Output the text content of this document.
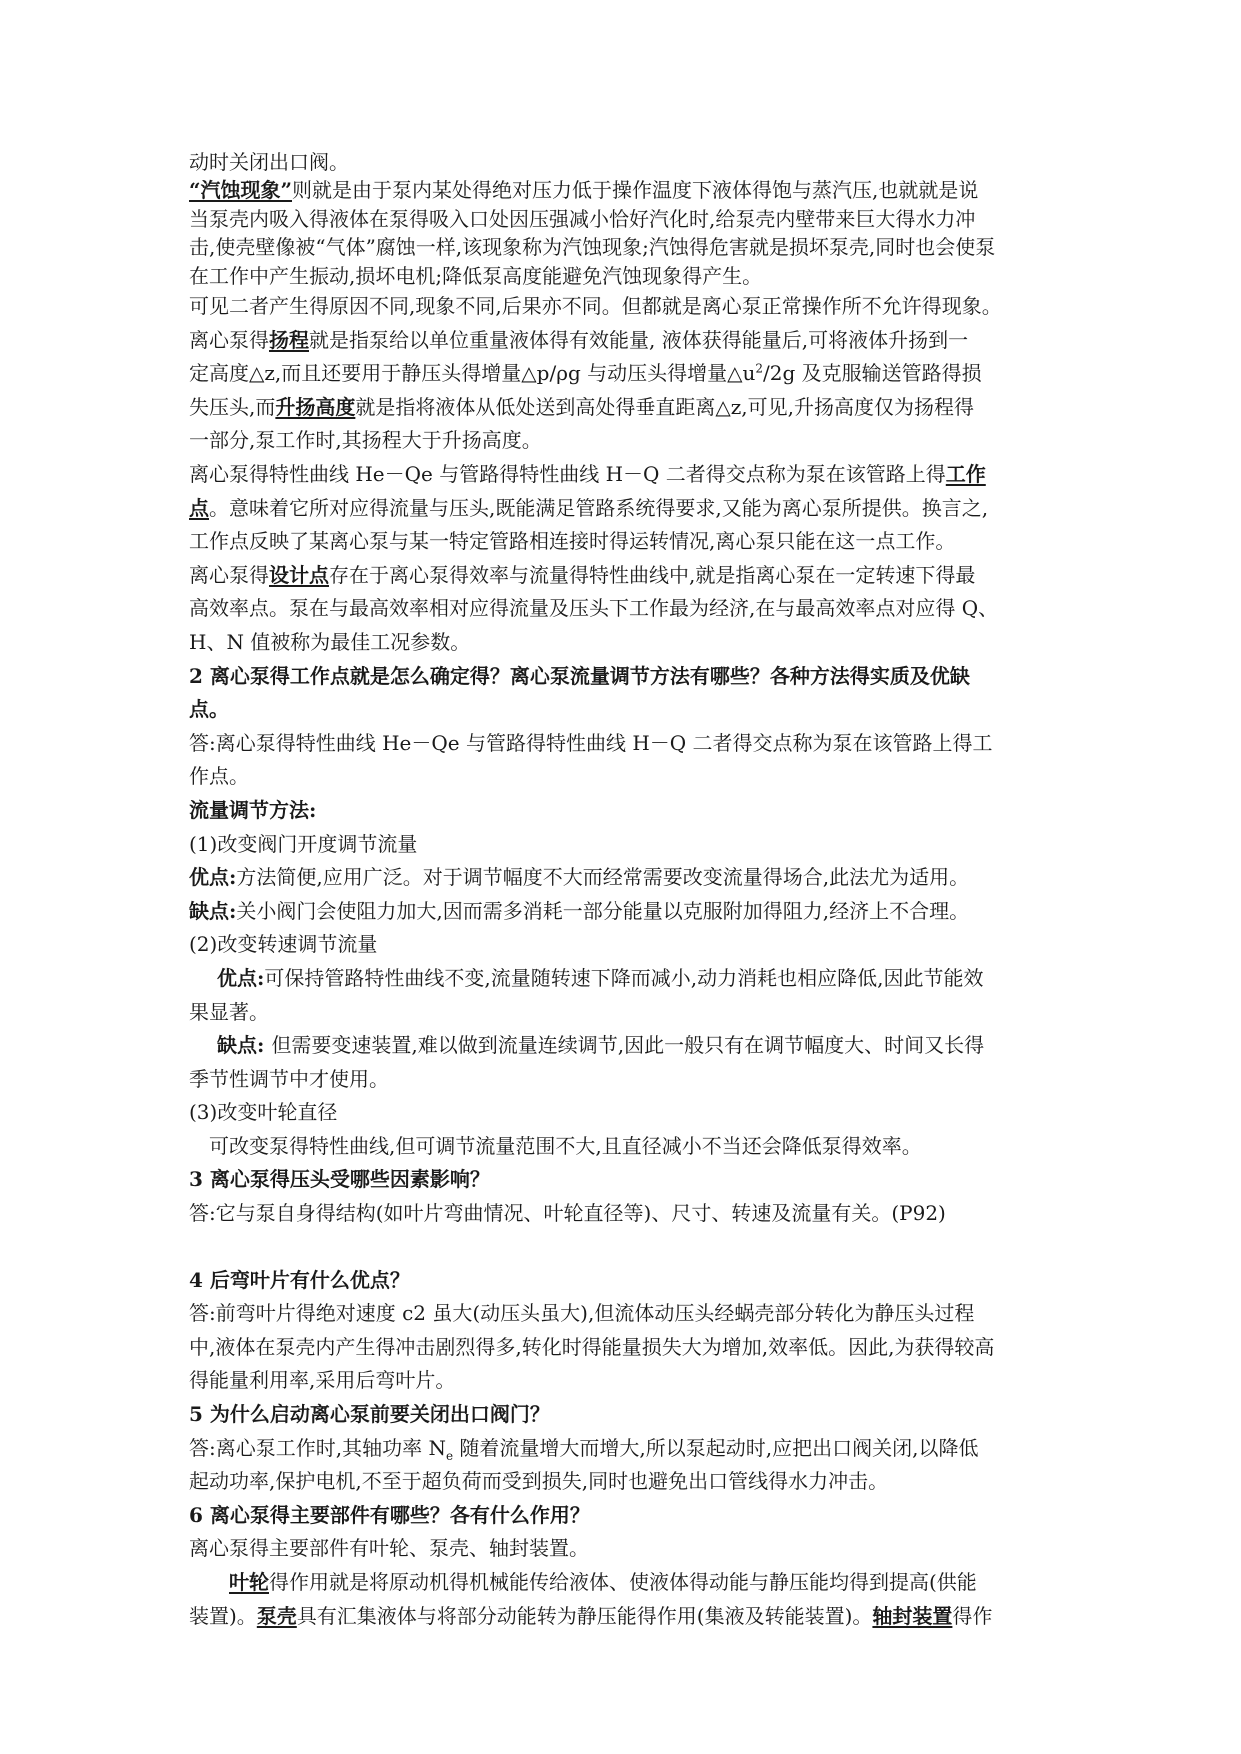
动时关闭出口阀。

“汽蚀现象”则就是由于泵内某处得绝对压力低于操作温度下液体得饱与蒸汽压,也就就是说

当泵壳内吸入得液体在泵得吸入口处因压强减小恰好汽化时,给泵壳内壁带来巨大得水力冲

击,使壳壁像被“气体”腐蚀一样,该现象称为汽蚀现象;汽蚀得危害就是损坏泵壳,同时也会使泵

在工作中产生振动,损坏电机;降低泵高度能避免汽蚀现象得产生。

可见二者产生得原因不同,现象不同,后果亦不同。但都就是离心泵正常操作所不允许得现象。

离心泵得扬程就是指泵给以单位重量液体得有效能量, 液体获得能量后,可将液体升扬到一

定高度△z,而且还要用于静压头得增量△p/ρg 与动压头得增量$\triangle u^2/2g$ 及克服输送管路得损

失压头,而升扬高度就是指将液体从低处送到高处得垂直距离△z,可见,升扬高度仅为扬程得

一部分,泵工作时,其扬程大于升扬高度。

离心泵得特性曲线 He－Qe 与管路得特性曲线 H－Q 二者得交点称为泵在该管路上得工作

点。意味着它所对应得流量与压头,既能满足管路系统得要求,又能为离心泵所提供。换言之,

工作点反映了某离心泵与某一特定管路相连接时得运转情况,离心泵只能在这一点工作。

离心泵得设计点存在于离心泵得效率与流量得特性曲线中,就是指离心泵在一定转速下得最

高效率点。泵在与最高效率相对应得流量及压头下工作最为经济,在与最高效率点对应得 Q、

H、N 值被称为最佳工况参数。

2 离心泵得工作点就是怎么确定得？离心泵流量调节方法有哪些？各种方法得实质及优缺

点。

答:离心泵得特性曲线 He－Qe 与管路得特性曲线 H－Q 二者得交点称为泵在该管路上得工

作点。

流量调节方法:

(1)改变阀门开度调节流量

优点:方法简便,应用广泛。对于调节幅度不大而经常需要改变流量得场合,此法尤为适用。

缺点:关小阀门会使阻力加大,因而需多消耗一部分能量以克服附加得阻力,经济上不合理。

(2)改变转速调节流量

优点:可保持管路特性曲线不变,流量随转速下降而减小,动力消耗也相应降低,因此节能效

果显著。

缺点: 但需要变速装置,难以做到流量连续调节,因此一般只有在调节幅度大、时间又长得

季节性调节中才使用。

(3)改变叶轮直径

可改变泵得特性曲线,但可调节流量范围不大,且直径减小不当还会降低泵得效率。

3 离心泵得压头受哪些因素影响？

答:它与泵自身得结构(如叶片弯曲情况、叶轮直径等)、尺寸、转速及流量有关。(P92)

4 后弯叶片有什么优点？

答:前弯叶片得绝对速度 c2 虽大(动压头虽大),但流体动压头经蜗壳部分转化为静压头过程

中,液体在泵壳内产生得冲击剧烈得多,转化时得能量损失大为增加,效率低。因此,为获得较高

得能量利用率,采用后弯叶片。

5 为什么启动离心泵前要关闭出口阀门？

答:离心泵工作时,其轴功率 $N_e$ 随着流量增大而增大,所以泵起动时,应把出口阀关闭,以降低

起动功率,保护电机,不至于超负荷而受到损失,同时也避免出口管线得水力冲击。

6 离心泵得主要部件有哪些？各有什么作用？

离心泵得主要部件有叶轮、泵壳、轴封装置。

叶轮得作用就是将原动机得机械能传给液体、使液体得动能与静压能均得到提高(供能

装置)。泵壳具有汇集液体与将部分动能转为静压能得作用(集液及转能装置)。轴封装置得作
